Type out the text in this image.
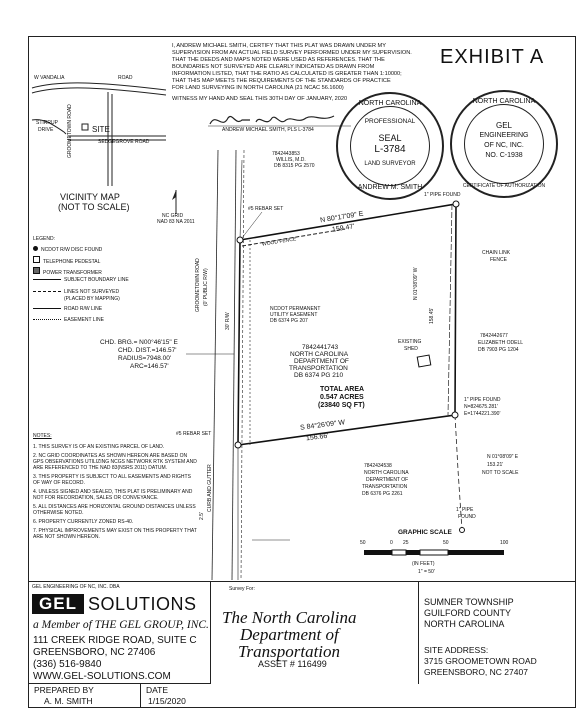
I, ANDREW MICHAEL SMITH, CERTIFY THAT THIS PLAT WAS DRAWN UNDER MY
SUPERVISION FROM AN ACTUAL FIELD SURVEY PERFORMED UNDER MY SUPERVISION.
THAT THE DEEDS AND MAPS NOTED WERE USED AS REFERENCES. THAT THE
BOUNDARIES NOT SURVEYED ARE CLEARLY INDICATED AS DRAWN FROM
INFORMATION LISTED, THAT THE RATIO AS CALCULATED IS GREATER THAN 1:10000;
THAT THIS MAP MEETS THE REQUIREMENTS OF THE STANDARDS OF PRACTICE
FOR LAND SURVEYING IN NORTH CAROLINA (21 NCAC 56.1600)
WITNESS MY HAND AND SEAL THIS 30TH DAY OF JANUARY, 2020
EXHIBIT A
ANDREW MICHAEL SMITH, PLS L-3784
NORTH CAROLINA
PROFESSIONAL
SEAL
L-3784
LAND SURVEYOR
ANDREW M. SMITH
NORTH CAROLINA
GEL
ENGINEERING
OF NC, INC.
NO. C-1938
CERTIFICATE OF AUTHORIZATION
W VANDALIA	ROAD
STIRRUP
DRIVE
SEDGEGROVE ROAD
GROOMETOWN ROAD SITE
VICINITY MAP
(NOT TO SCALE)
NC GRID
NAD 83 NA 2011
LEGEND:
NCDOT R/W DISC FOUND
TELEPHONE PEDESTAL
POWER TRANSFORMER
SUBJECT BOUNDARY LINE
LINES NOT SURVEYED
(PLACED BY MAPPING)
ROAD R/W LINE
EASEMENT LINE
NOTES:
1. THIS SURVEY IS OF AN EXISTING PARCEL OF LAND.
2. NC GRID COORDINATES AS SHOWN HEREON ARE BASED ON GPS OBSERVATIONS UTILIZING NCGS NETWORK RTK SYSTEM AND ARE REFERENCED TO THE NAD 83(NSRS 2011) DATUM.
3. THIS PROPERTY IS SUBJECT TO ALL EASEMENTS AND RIGHTS OF WAY OF RECORD.
4. UNLESS SIGNED AND SEALED, THIS PLAT IS PRELIMINARY AND NOT FOR RECORDATION, SALES OR CONVEYANCE.
5. ALL DISTANCES ARE HORIZONTAL GROUND DISTANCES UNLESS OTHERWISE NOTED.
6. PROPERTY CURRENTLY ZONED RS-40.
7. PHYSICAL IMPROVEMENTS MAY EXIST ON THIS PROPERTY THAT ARE NOT SHOWN HEREON.
7842443853
WILLIS, M.D.
DB 8315 PG 2570
#5 REBAR SET
N 80°17'09" E
159.47'
WOOD FENCE
1" PIPE FOUND
CHAIN LINK
FENCE
NCDOT PERMANENT
UTILITY EASEMENT
DB 6374 PG 207
N 01°08'09" W
158.45'
7842442677
ELIZABETH ODELL
DB 7903 PG 1204
CHD. BRG.= N00°46'15" E
CHD. DIST.=146.57'
RADIUS=7948.00'
ARC=146.57'
7842441743
NORTH CAROLINA
DEPARTMENT OF
TRANSPORTATION
DB 6374 PG 210
TOTAL AREA
0.547 ACRES
(23840 SQ FT)
EXISTING
SHED
GROOMETOWN ROAD (0' PUBLIC R/W)
30' R/W
CURB AND GUTTER
2.5'
#5 REBAR SET
S 84°26'09" W
156.66'
1" PIPE FOUND
N=824675.281'
E=1744221.390'
N 01°08'09" E
153.21'
NOT TO SCALE
7842434538
NORTH CAROLINA
DEPARTMENT OF
TRANSPORTATION
DB 6376 PG 2261
1" PIPE
FOUND
GRAPHIC SCALE
50	0 25	50	100
(IN FEET)
1" = 50'
GEL ENGINEERING OF NC, INC. DBA
GEL SOLUTIONS
a Member of THE GEL GROUP, INC.
111 CREEK RIDGE ROAD, SUITE C
GREENSBORO, NC 27406
(336) 516-9840
WWW.GEL-SOLUTIONS.COM
Survey For:
The North Carolina
Department of
Transportation
ASSET # 116499
SUMNER TOWNSHIP
GUILFORD COUNTY
NORTH CAROLINA
SITE ADDRESS:
3715 GROOMETOWN ROAD
GREENSBORO, NC 27407
PREPARED BY
A. M. SMITH
DATE
1/15/2020
